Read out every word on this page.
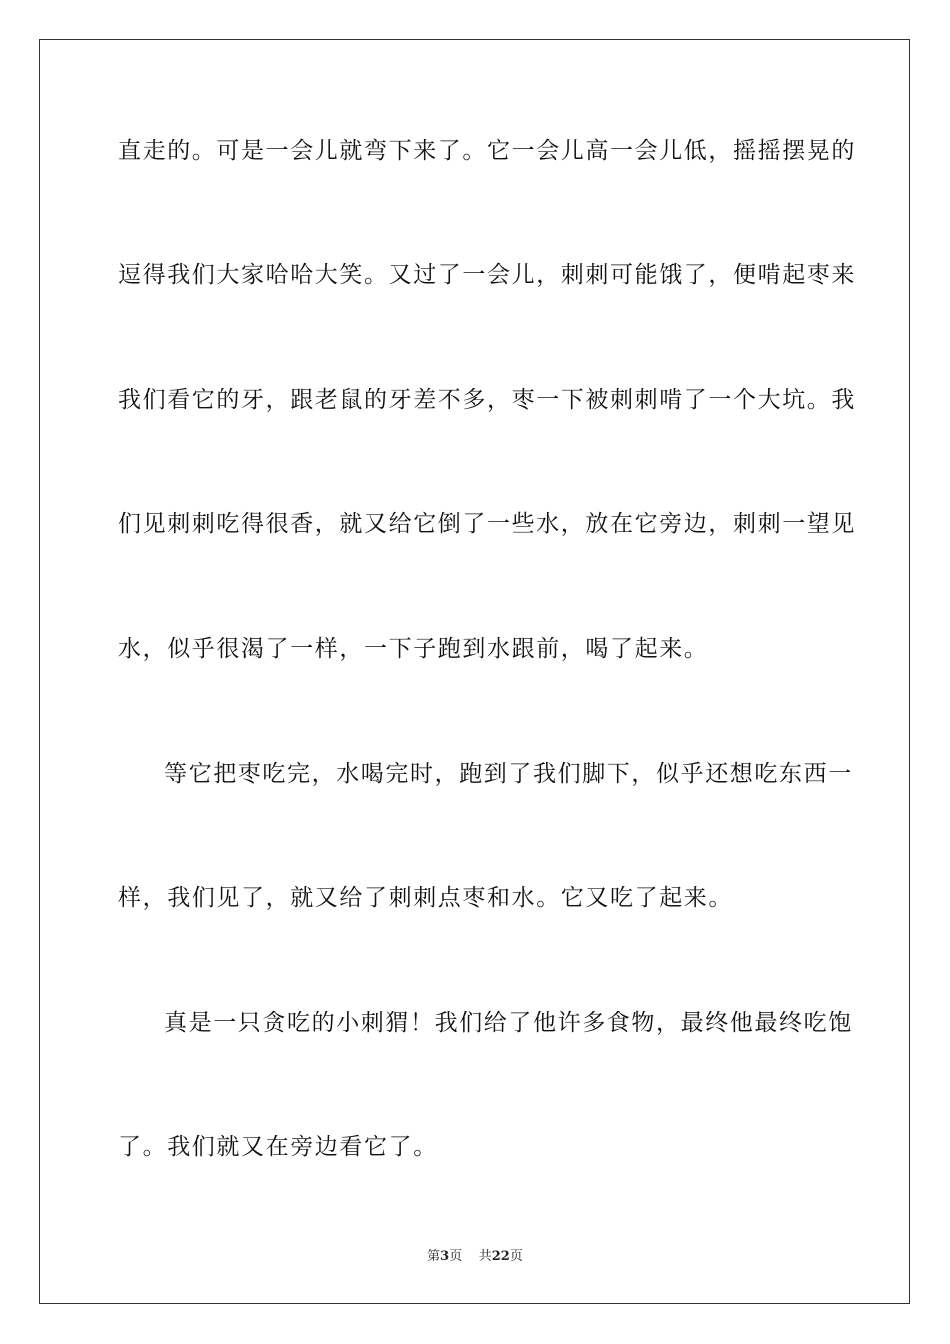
直走的。可是一会儿就弯下来了。它一会儿高一会儿低，摇摇摆晃的
逗得我们大家哈哈大笑。又过了一会儿，刺刺可能饿了，便啃起枣来
我们看它的牙，跟老鼠的牙差不多，枣一下被刺刺啃了一个大坑。我
们见刺刺吃得很香，就又给它倒了一些水，放在它旁边，刺刺一望见
水，似乎很渴了一样，一下子跑到水跟前，喝了起来。
等它把枣吃完，水喝完时，跑到了我们脚下，似乎还想吃东西一
样，我们见了，就又给了刺刺点枣和水。它又吃了起来。
真是一只贪吃的小刺猬！我们给了他许多食物，最终他最终吃饱
了。我们就又在旁边看它了。
第3页 共22页
